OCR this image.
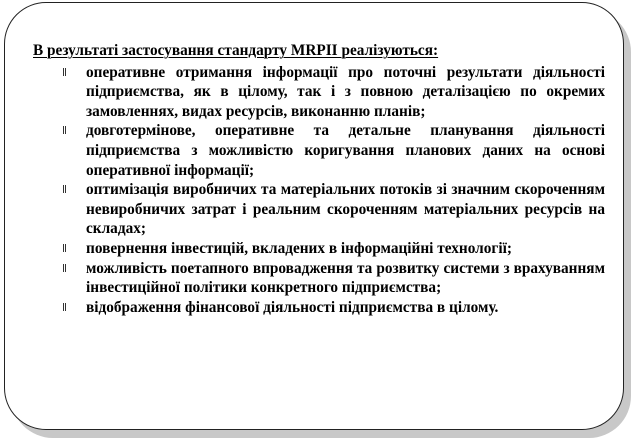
В результаті застосування стандарту MRPII реалізуються:
оперативне отримання інформації про поточні результати діяльності підприємства, як в цілому, так і з повною деталізацією по окремих замовленнях, видах ресурсів, виконанню планів;
довготермінове, оперативне та детальне планування діяльності підприємства з можливістю коригування планових даних на основі оперативної інформації;
оптимізація виробничих та матеріальних потоків зі значним скороченням невиробничих затрат і реальним скороченням матеріальних ресурсів на складах;
повернення інвестицій, вкладених в інформаційні технології;
можливість поетапного впровадження та розвитку системи з врахуванням інвестиційної політики конкретного підприємства;
відображення фінансової діяльності підприємства в цілому.
